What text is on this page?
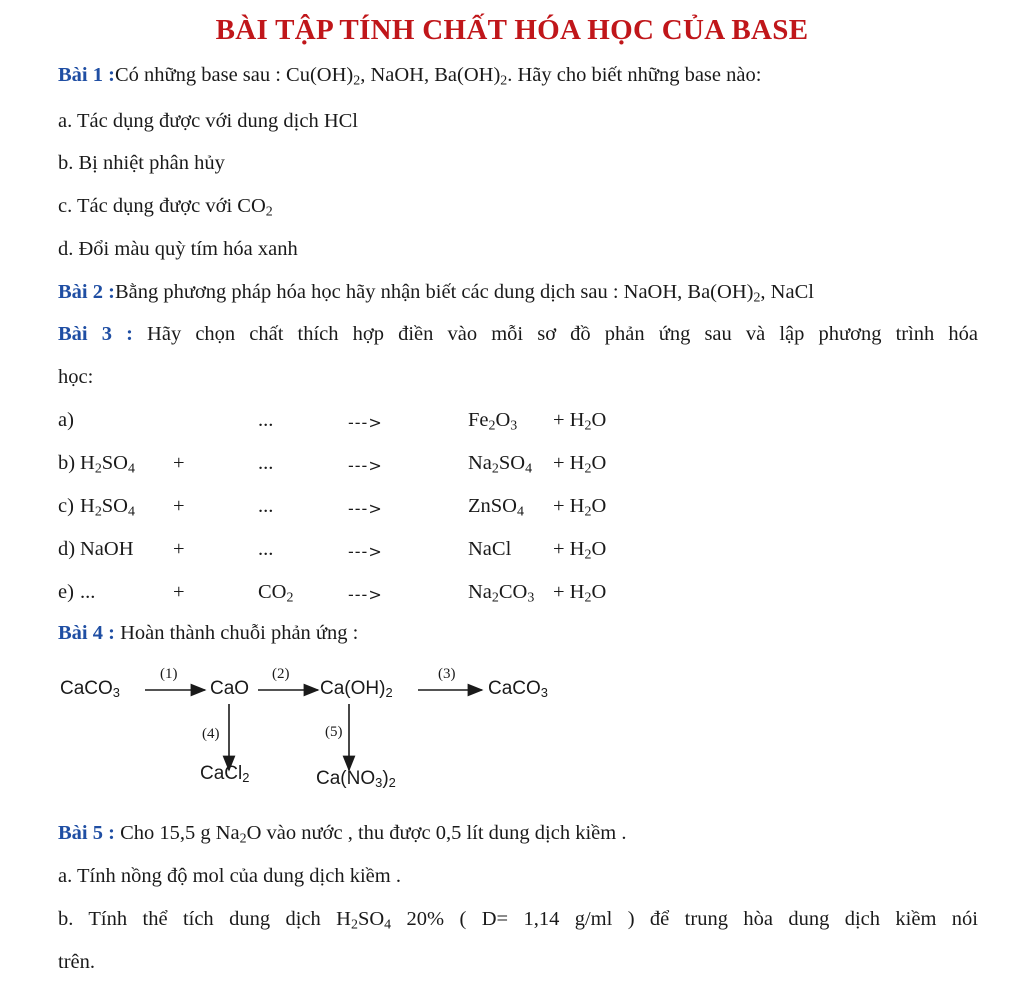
BÀI TẬP TÍNH CHẤT HÓA HỌC CỦA BASE
Bài 1 :Có những base sau : $Cu(OH)_2$, NaOH, $Ba(OH)_2$. Hãy cho biết những base nào:
a. Tác dụng được với dung dịch HCl
b. Bị nhiệt phân hủy
c. Tác dụng được với $CO_2$
d. Đổi màu quỳ tím hóa xanh
Bài 2 :Bằng phương pháp hóa học hãy nhận biết các dung dịch sau : NaOH, $Ba(OH)_2$, NaCl
Bài 3 : Hãy chọn chất thích hợp điền vào mỗi sơ đồ phản ứng sau và lập phương trình hóa
học:
a)	...	--->	$Fe_2O_3 + H_2O$
b) $H_2SO_4$ +	...	--->	$Na_2SO_4 + H_2O$
c) $H_2SO_4$ +	...	--->	ZnSO$_4$ + $H_2O$
d) NaOH +	...	--->	NaCl + $H_2O$
e) ...	+	$CO_2$	--->	$Na_2CO_3 + H_2O$
Bài 4 : Hoàn thành chuỗi phản ứng :
CaCO$_3$	CaO	$Ca(OH)_2$	CaCO$_3$
CaCl$_2$	$Ca(NO_3)_2$
(1)	(2)	(3)
(4)	(5)
Bài 5 : Cho 15,5 g $Na_2O$ vào nước , thu được 0,5 lít dung dịch kiềm .
a. Tính nồng độ mol của dung dịch kiềm .
b. Tính thể tích dung dịch $H_2SO_4$ 20% ( D= 1,14 g/ml ) để trung hòa dung dịch kiềm nói
trên.
